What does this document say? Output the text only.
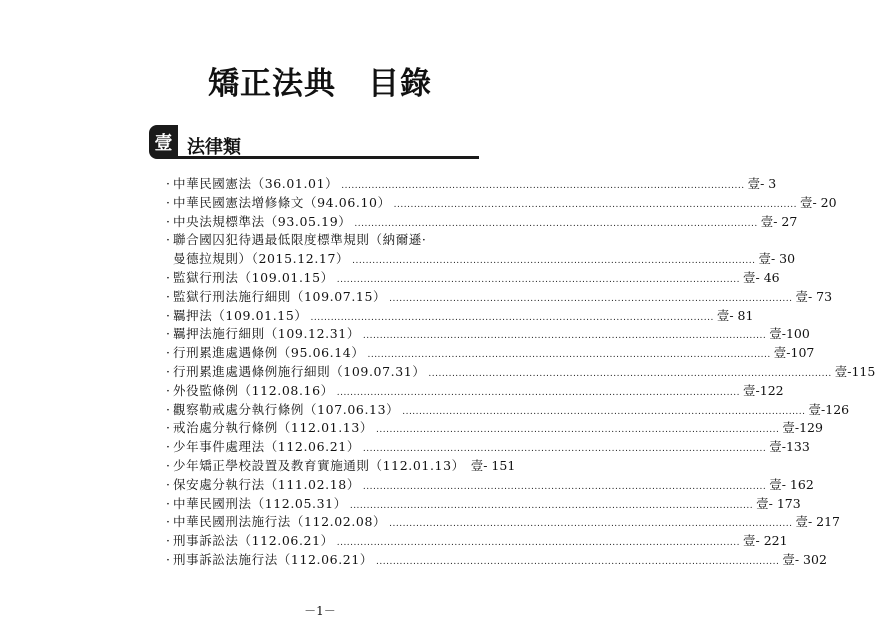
矯正法典　目錄
壹 法律類
· 中華民國憲法（36.01.01） ........................................................................................................................ 壹- 3
· 中華民國憲法增修條文（94.06.10） ........................................................................................................................ 壹- 20
· 中央法規標準法（93.05.19） ........................................................................................................................ 壹- 27
· 聯合國囚犯待遇最低限度標準規則（納爾遜·
曼德拉規則）（2015.12.17） ........................................................................................................................ 壹- 30
· 監獄行刑法（109.01.15） ........................................................................................................................ 壹- 46
· 監獄行刑法施行細則（109.07.15） ........................................................................................................................ 壹- 73
· 羈押法（109.01.15） ........................................................................................................................ 壹- 81
· 羈押法施行細則（109.12.31） ........................................................................................................................ 壹-100
· 行刑累進處遇條例（95.06.14） ........................................................................................................................ 壹-107
· 行刑累進處遇條例施行細則（109.07.31） ........................................................................................................................ 壹-115
· 外役監條例（112.08.16） ........................................................................................................................ 壹-122
· 觀察勒戒處分執行條例（107.06.13） ........................................................................................................................ 壹-126
· 戒治處分執行條例（112.01.13） ........................................................................................................................ 壹-129
· 少年事件處理法（112.06.21） ........................................................................................................................ 壹-133
· 少年矯正學校設置及教育實施通則（112.01.13） 壹- 151
· 保安處分執行法（111.02.18） ........................................................................................................................ 壹- 162
· 中華民國刑法（112.05.31） ........................................................................................................................ 壹- 173
· 中華民國刑法施行法（112.02.08） ........................................................................................................................ 壹- 217
· 刑事訴訟法（112.06.21） ........................................................................................................................ 壹- 221
· 刑事訴訟法施行法（112.06.21） ........................................................................................................................ 壹- 302
－1－
